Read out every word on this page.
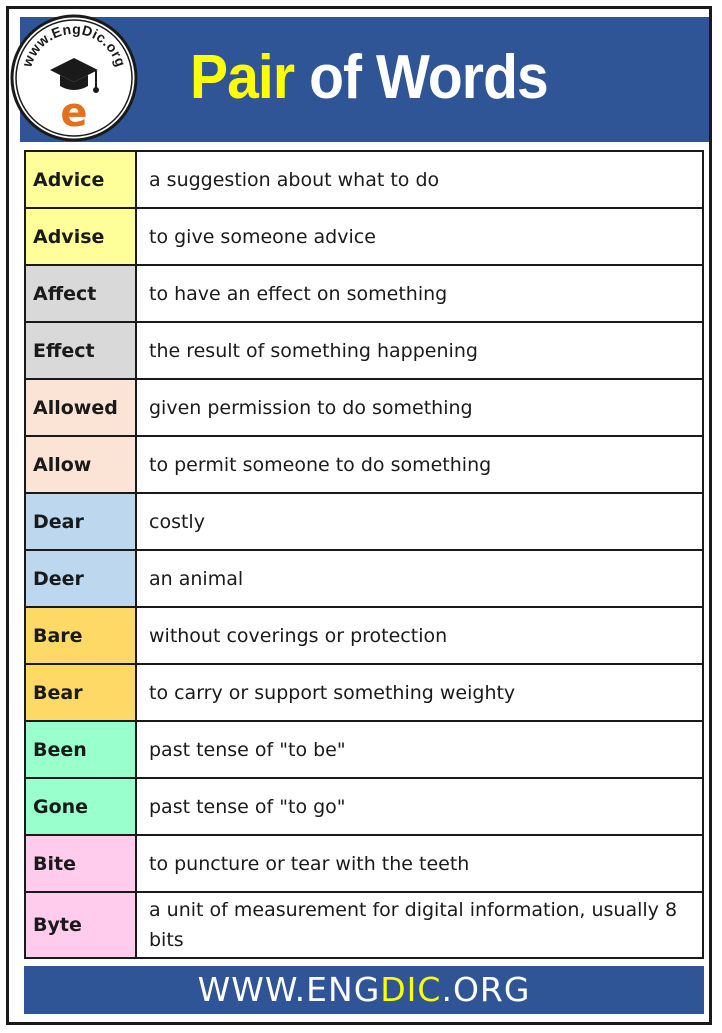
www.EngDic.org
e
Pair of Words
Advice	a suggestion about what to do
Advise	to give someone advice
Affect	to have an effect on something
Effect	the result of something happening
Allowed	given permission to do something
Allow	to permit someone to do something
Dear	costly
Deer	an animal
Bare	without coverings or protection
Bear	to carry or support something weighty
Been	past tense of "to be"
Gone	past tense of "to go"
Bite	to puncture or tear with the teeth
Byte	a unit of measurement for digital information, usually 8 bits
WWW.ENGDIC.ORG
